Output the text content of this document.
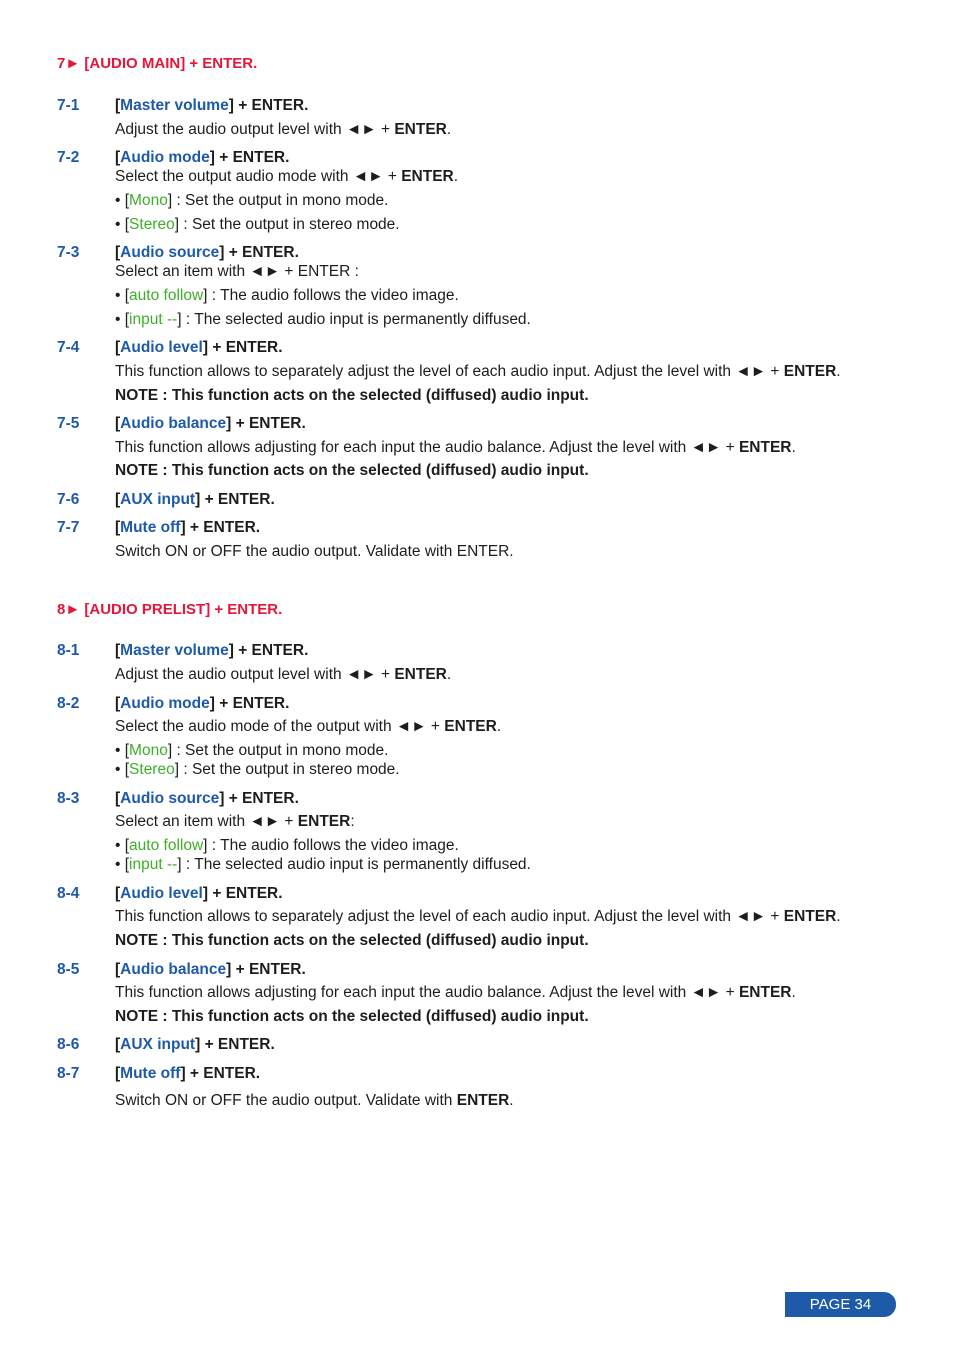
7► [AUDIO MAIN] + ENTER.
7-1 [Master volume] + ENTER.
Adjust the audio output level with ◄► + ENTER.
7-2 [Audio mode] + ENTER.
Select the output audio mode with ◄► + ENTER.
• [Mono] : Set the output in mono mode.
• [Stereo] : Set the output in stereo mode.
7-3 [Audio source] + ENTER.
Select an item with ◄► + ENTER :
• [auto follow] : The audio follows the video image.
• [input --] : The selected audio input is permanently diffused.
7-4 [Audio level] + ENTER.
This function allows to separately adjust the level of each audio input. Adjust the level with ◄► + ENTER.
NOTE : This function acts on the selected (diffused) audio input.
7-5 [Audio balance] + ENTER.
This function allows adjusting for each input the audio balance. Adjust the level with ◄► + ENTER.
NOTE : This function acts on the selected (diffused) audio input.
7-6 [AUX input] + ENTER.
7-7 [Mute off] + ENTER.
Switch ON or OFF the audio output. Validate with ENTER.
8► [AUDIO PRELIST] + ENTER.
8-1 [Master volume] + ENTER.
Adjust the audio output level with ◄► + ENTER.
8-2 [Audio mode] + ENTER.
Select the audio mode of the output with ◄► + ENTER.
• [Mono] : Set the output in mono mode.
• [Stereo] : Set the output in stereo mode.
8-3 [Audio source] + ENTER.
Select an item with ◄► + ENTER:
• [auto follow] : The audio follows the video image.
• [input --] : The selected audio input is permanently diffused.
8-4 [Audio level] + ENTER.
This function allows to separately adjust the level of each audio input. Adjust the level with ◄► + ENTER.
NOTE : This function acts on the selected (diffused) audio input.
8-5 [Audio balance] + ENTER.
This function allows adjusting for each input the audio balance. Adjust the level with ◄► + ENTER.
NOTE : This function acts on the selected (diffused) audio input.
8-6 [AUX input] + ENTER.
8-7 [Mute off] + ENTER.
Switch ON or OFF the audio output. Validate with ENTER.
PAGE 34
